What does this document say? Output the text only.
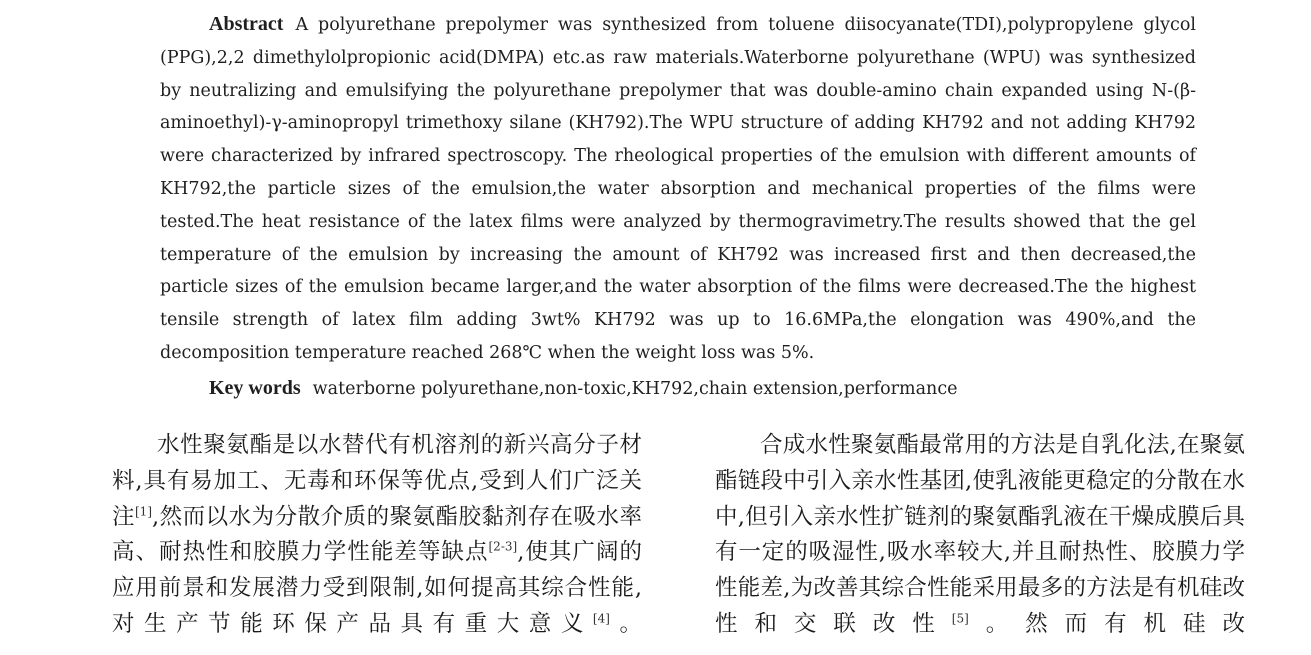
Abstract A polyurethane prepolymer was synthesized from toluene diisocyanate(TDI),polypropylene glycol (PPG),2,2 dimethylolpropionic acid(DMPA) etc.as raw materials.Waterborne polyurethane (WPU) was synthesized by neutralizing and emulsifying the polyurethane prepolymer that was double-amino chain expanded using N-(β-aminoethyl)-γ-aminopropyl trimethoxy silane (KH792).The WPU structure of adding KH792 and not adding KH792 were characterized by infrared spectroscopy. The rheological properties of the emulsion with different amounts of KH792,the particle sizes of the emulsion,the water absorption and mechanical properties of the films were tested.The heat resistance of the latex films were analyzed by thermogravimetry.The results showed that the gel temperature of the emulsion by increasing the amount of KH792 was increased first and then decreased,the particle sizes of the emulsion became larger,and the water absorption of the films were decreased.The the highest tensile strength of latex film adding 3wt% KH792 was up to 16.6MPa,the elongation was 490%,and the decomposition temperature reached 268℃ when the weight loss was 5%.
Key words waterborne polyurethane,non-toxic,KH792,chain extension,performance
水性聚氨酯是以水替代有机溶剂的新兴高分子材料,具有易加工、无毒和环保等优点,受到人们广泛关注[1],然而以水为分散介质的聚氨酯胶黏剂存在吸水率高、耐热性和胶膜力学性能差等缺点[2-3],使其广阔的应用前景和发展潜力受到限制,如何提高其综合性能,对生产节能环保产品具有重大意义[4]。
合成水性聚氨酯最常用的方法是自乳化法,在聚氨酯链段中引入亲水性基团,使乳液能更稳定的分散在水中,但引入亲水性扩链剂的聚氨酯乳液在干燥成膜后具有一定的吸湿性,吸水率较大,并且耐热性、胶膜力学性能差,为改善其综合性能采用最多的方法是有机硅改性和交联改性[5]。然而有机硅改
